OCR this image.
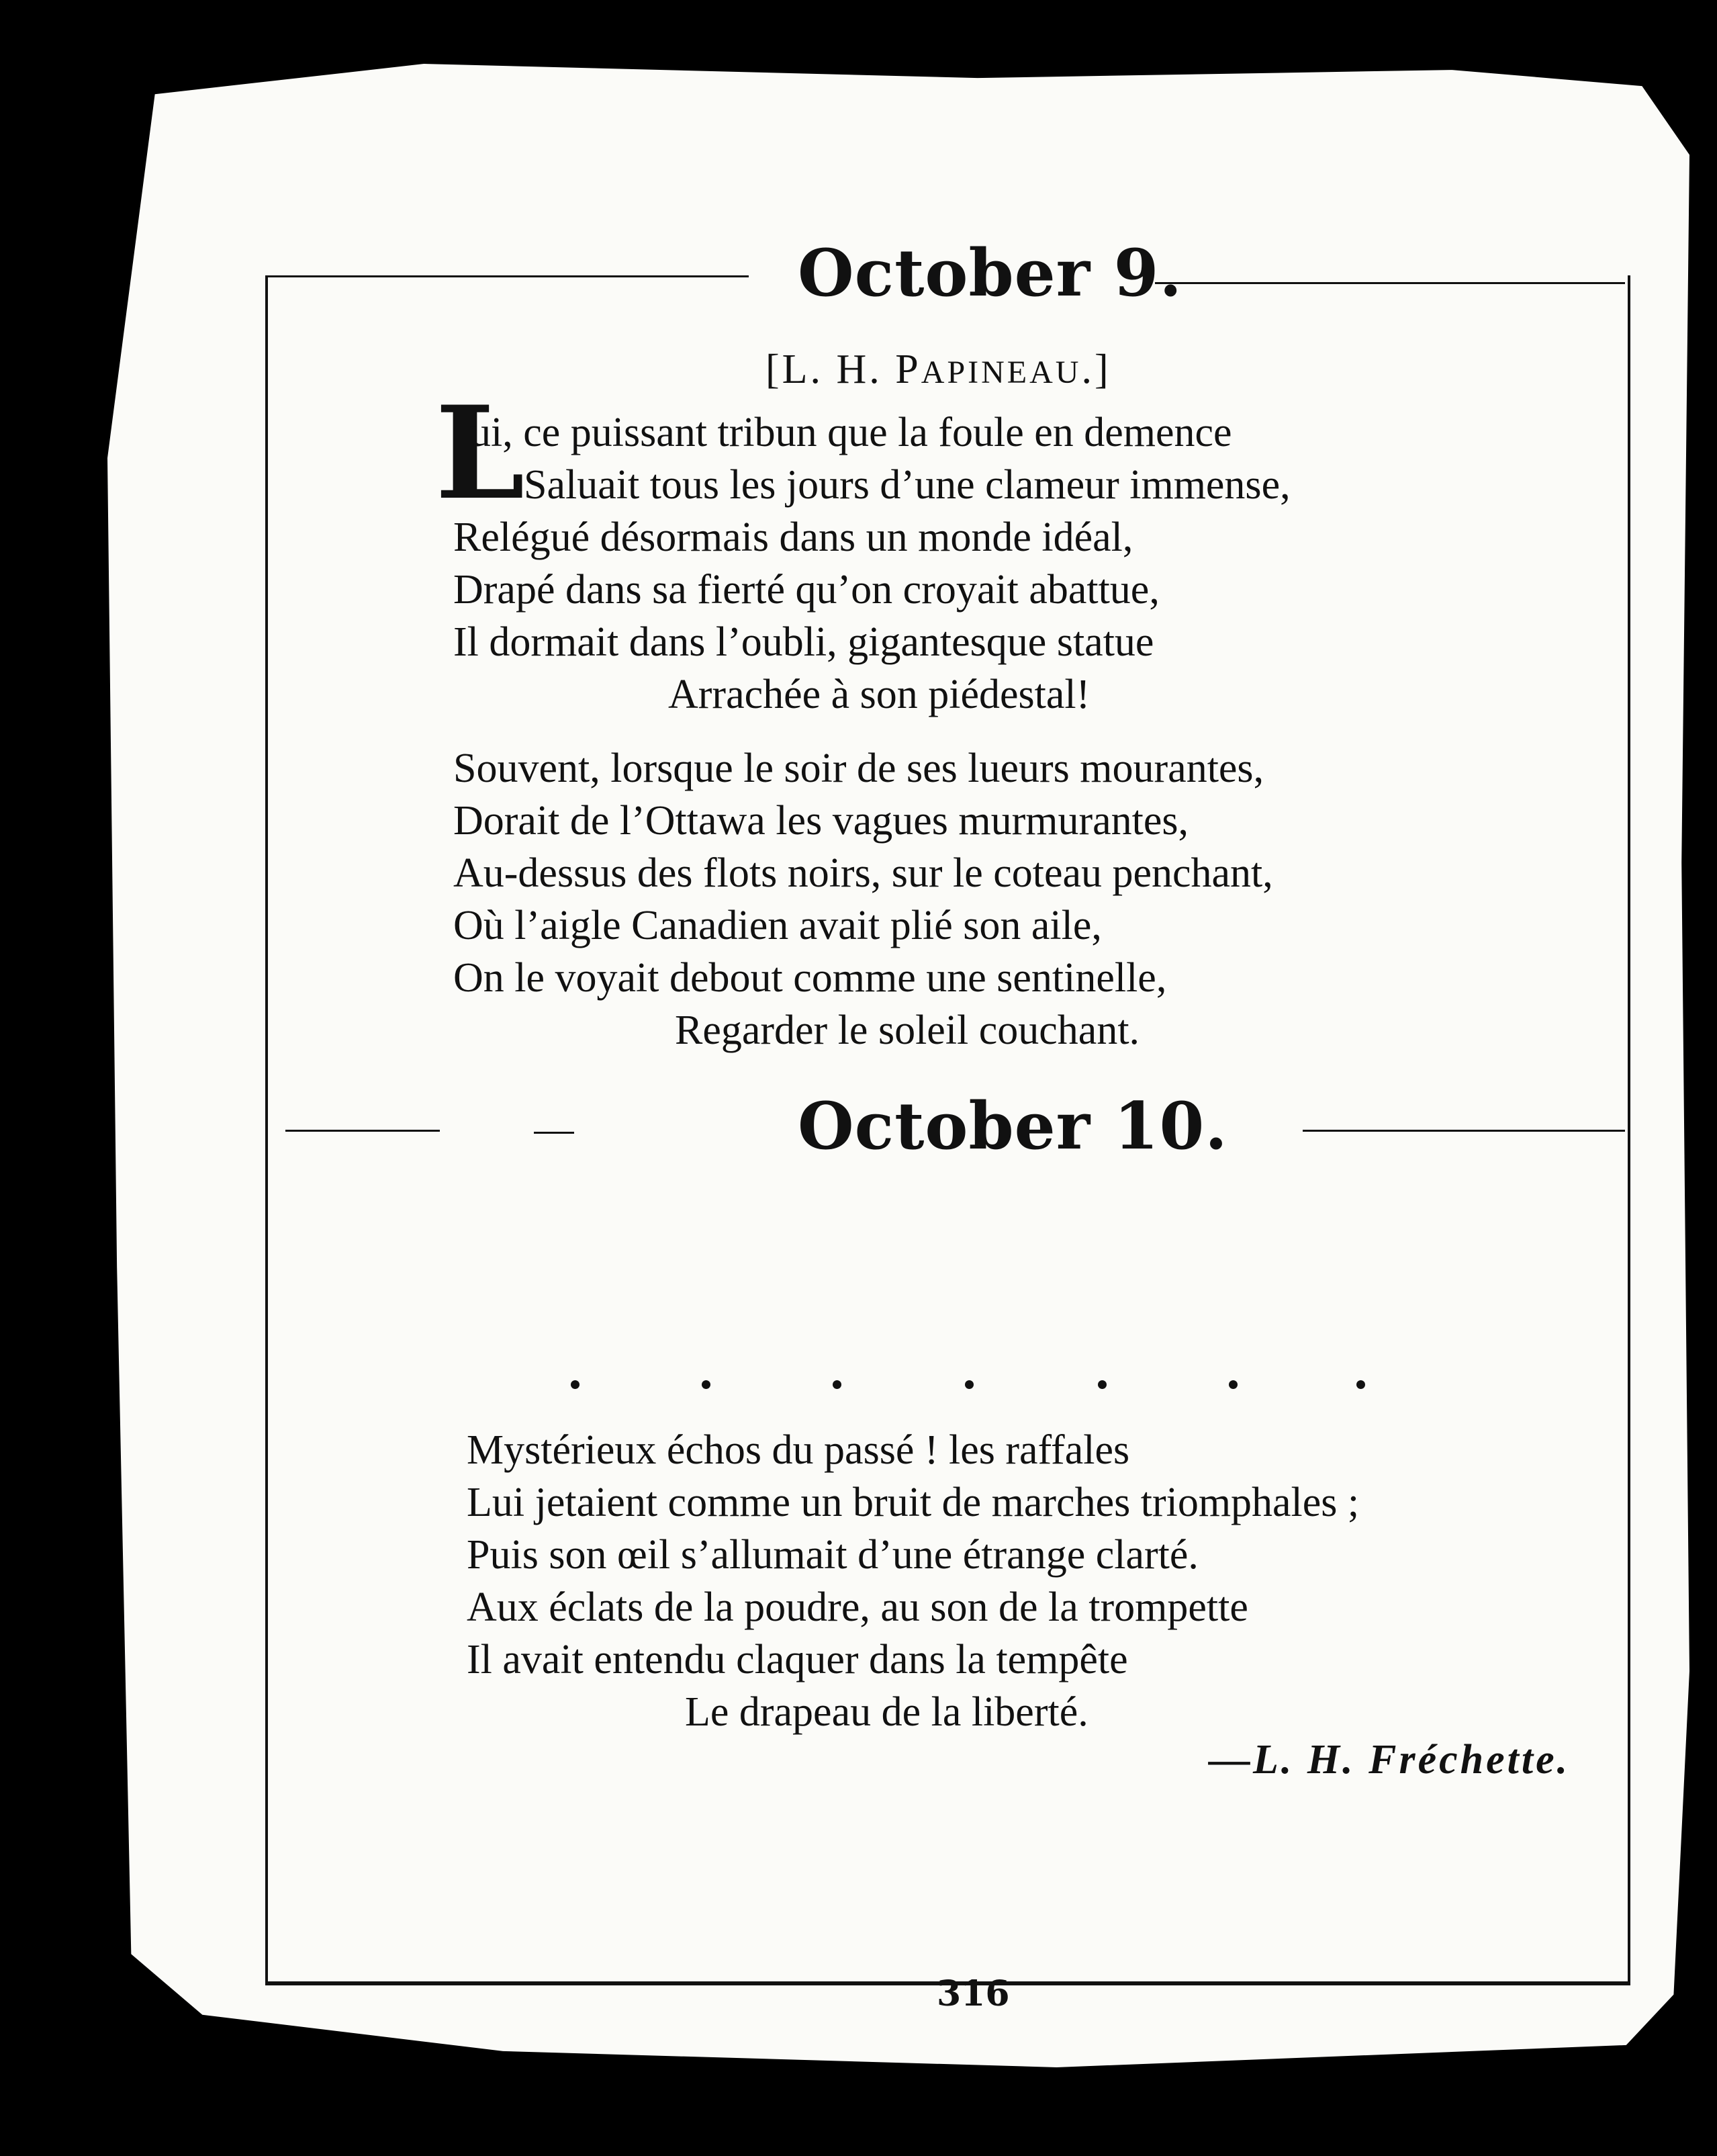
October 9.
[L. H. PAPINEAU.]
L
ui, ce puissant tribun que la foule en demence
Saluait tous les jours d’une clameur immense,
Relégué désormais dans un monde idéal,
Drapé dans sa fierté qu’on croyait abattue,
Il dormait dans l’oubli, gigantesque statue
Arrachée à son piédestal!
Souvent, lorsque le soir de ses lueurs mourantes,
Dorait de l’Ottawa les vagues murmurantes,
Au-dessus des flots noirs, sur le coteau penchant,
Où l’aigle Canadien avait plié son aile,
On le voyait debout comme une sentinelle,
Regarder le soleil couchant.
October 10.
Mystérieux échos du passé ! les raffales
Lui jetaient comme un bruit de marches triomphales ;
Puis son œil s’allumait d’une étrange clarté.
Aux éclats de la poudre, au son de la trompette
Il avait entendu claquer dans la tempête
Le drapeau de la liberté.
—L. H. Fréchette.
316
